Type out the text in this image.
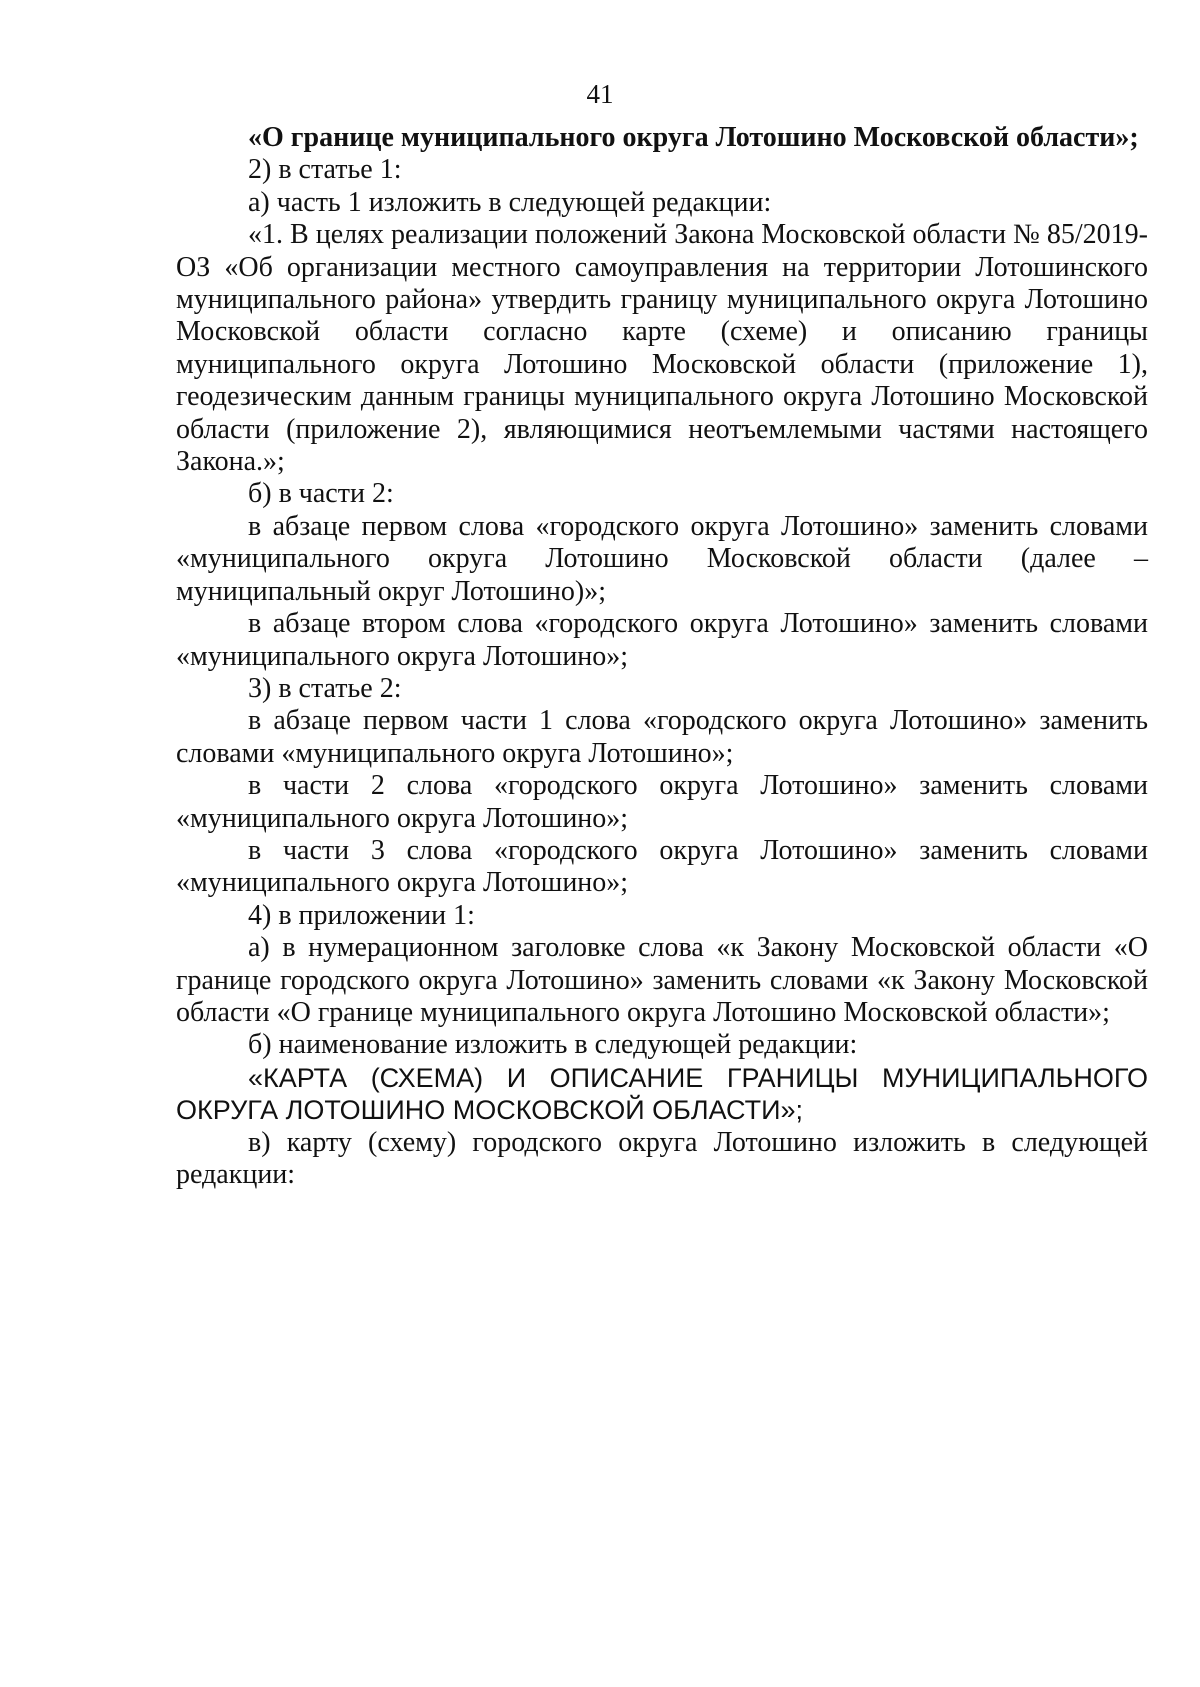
41

«О границе муниципального округа Лотошино Московской области»;

2) в статье 1:

а) часть 1 изложить в следующей редакции:

«1. В целях реализации положений Закона Московской области № 85/2019-ОЗ «Об организации местного самоуправления на территории Лотошинского муниципального района» утвердить границу муниципального округа Лотошино Московской области согласно карте (схеме) и описанию границы муниципального округа Лотошино Московской области (приложение 1), геодезическим данным границы муниципального округа Лотошино Московской области (приложение 2), являющимися неотъемлемыми частями настоящего Закона.»;

б) в части 2:

в абзаце первом слова «городского округа Лотошино» заменить словами «муниципального округа Лотошино Московской области (далее – муниципальный округ Лотошино)»;

в абзаце втором слова «городского округа Лотошино» заменить словами «муниципального округа Лотошино»;

3) в статье 2:

в абзаце первом части 1 слова «городского округа Лотошино» заменить словами «муниципального округа Лотошино»;

в части 2 слова «городского округа Лотошино» заменить словами «муниципального округа Лотошино»;

в части 3 слова «городского округа Лотошино» заменить словами «муниципального округа Лотошино»;

4) в приложении 1:

а) в нумерационном заголовке слова «к Закону Московской области «О границе городского округа Лотошино» заменить словами «к Закону Московской области «О границе муниципального округа Лотошино Московской области»;

б) наименование изложить в следующей редакции:

«КАРТА (СХЕМА) И ОПИСАНИЕ ГРАНИЦЫ МУНИЦИПАЛЬНОГО ОКРУГА ЛОТОШИНО МОСКОВСКОЙ ОБЛАСТИ»;

в) карту (схему) городского округа Лотошино изложить в следующей редакции:
